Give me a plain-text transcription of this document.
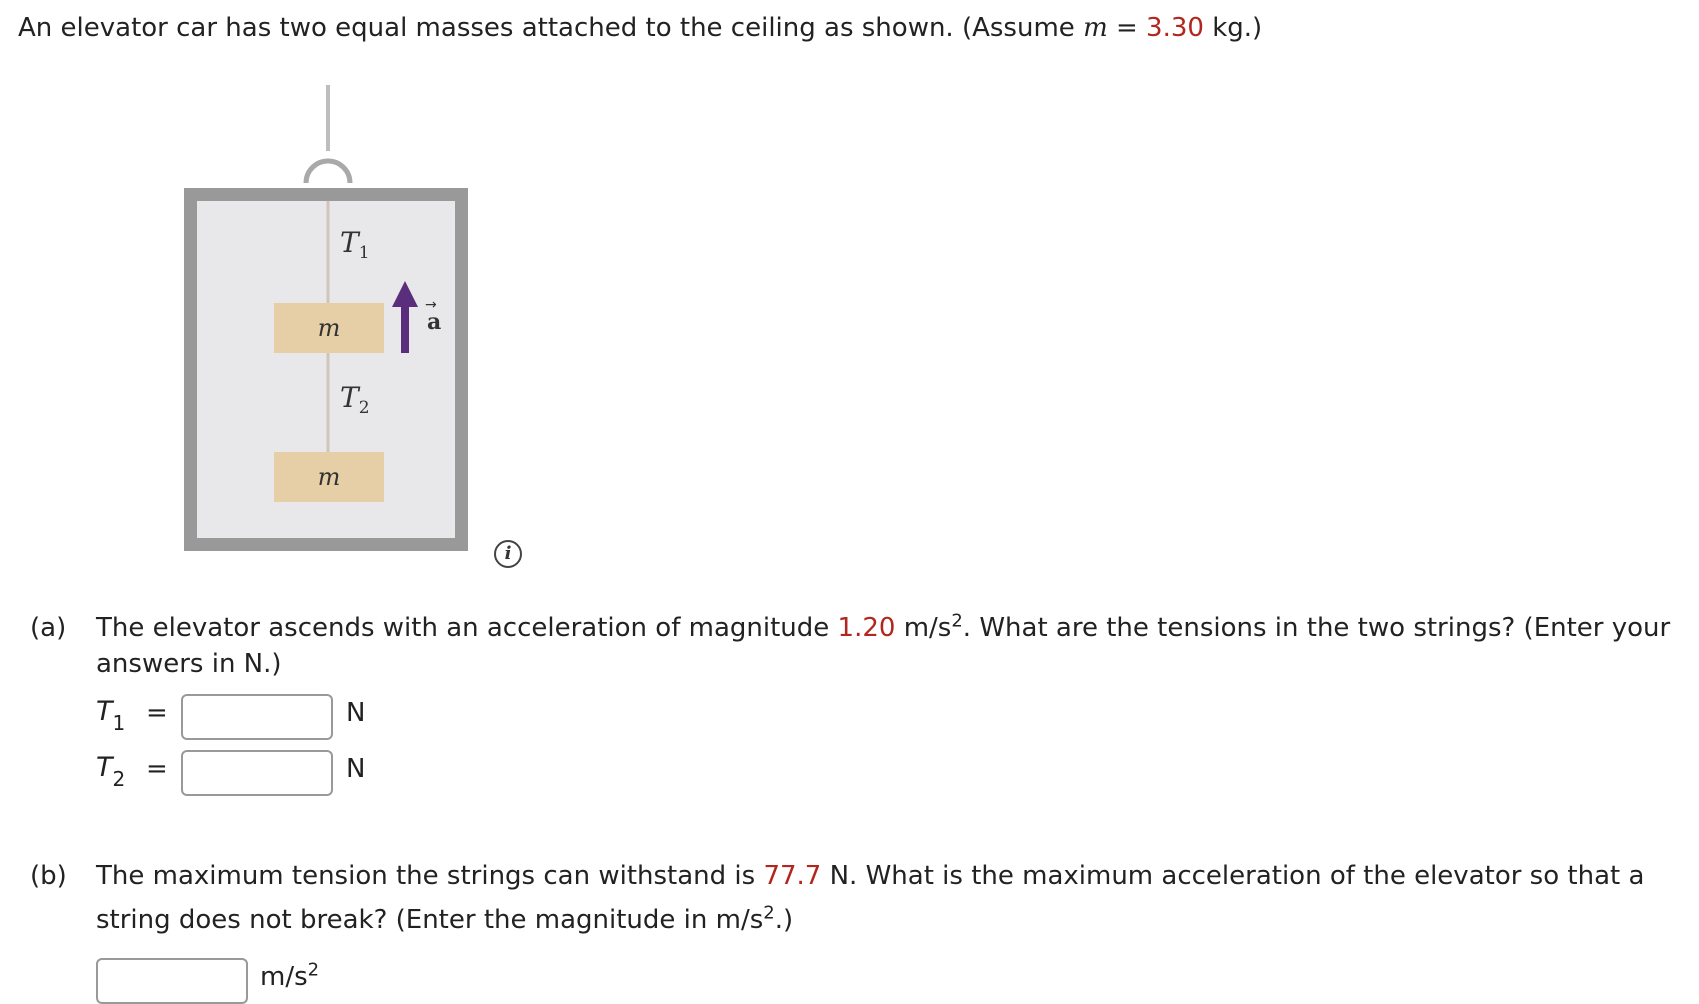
An elevator car has two equal masses attached to the ceiling as shown. (Assume m = 3.30 kg.)
$T_1$
$T_2$
m
m
a
→
i
(a) The elevator ascends with an acceleration of magnitude 1.20 $m/s^2$. What are the tensions in the two strings? (Enter your answers in N.)
$T_1$ =	N
$T_2$ =	N
(b) The maximum tension the strings can withstand is 77.7 N. What is the maximum acceleration of the elevator so that a string does not break? (Enter the magnitude in $m/s^2$.)
$m/s^2$
